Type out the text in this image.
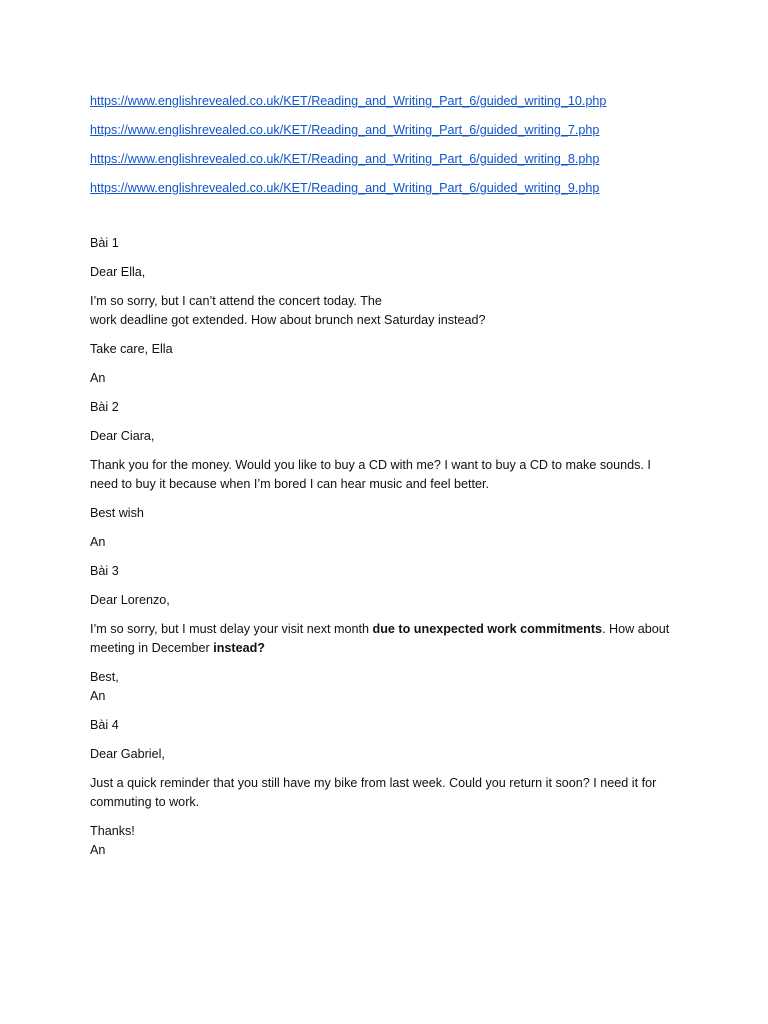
https://www.englishrevealed.co.uk/KET/Reading_and_Writing_Part_6/guided_writing_10.php
https://www.englishrevealed.co.uk/KET/Reading_and_Writing_Part_6/guided_writing_7.php
https://www.englishrevealed.co.uk/KET/Reading_and_Writing_Part_6/guided_writing_8.php
https://www.englishrevealed.co.uk/KET/Reading_and_Writing_Part_6/guided_writing_9.php
Bài 1
Dear Ella,
I’m so sorry, but I can’t attend the concert today. The
work deadline got extended. How about brunch next Saturday instead?
Take care, Ella
An
Bài 2
Dear Ciara,
Thank you for the money. Would you like to buy a CD with me? I want to buy a CD to make sounds. I need to buy it because when I’m bored I can hear music and feel better.
Best wish
An
Bài 3
Dear Lorenzo,
I’m so sorry, but I must delay your visit next month due to unexpected work commitments. How about meeting in December instead?
Best,
An
Bài 4
Dear Gabriel,
Just a quick reminder that you still have my bike from last week. Could you return it soon? I need it for commuting to work.
Thanks!
An
